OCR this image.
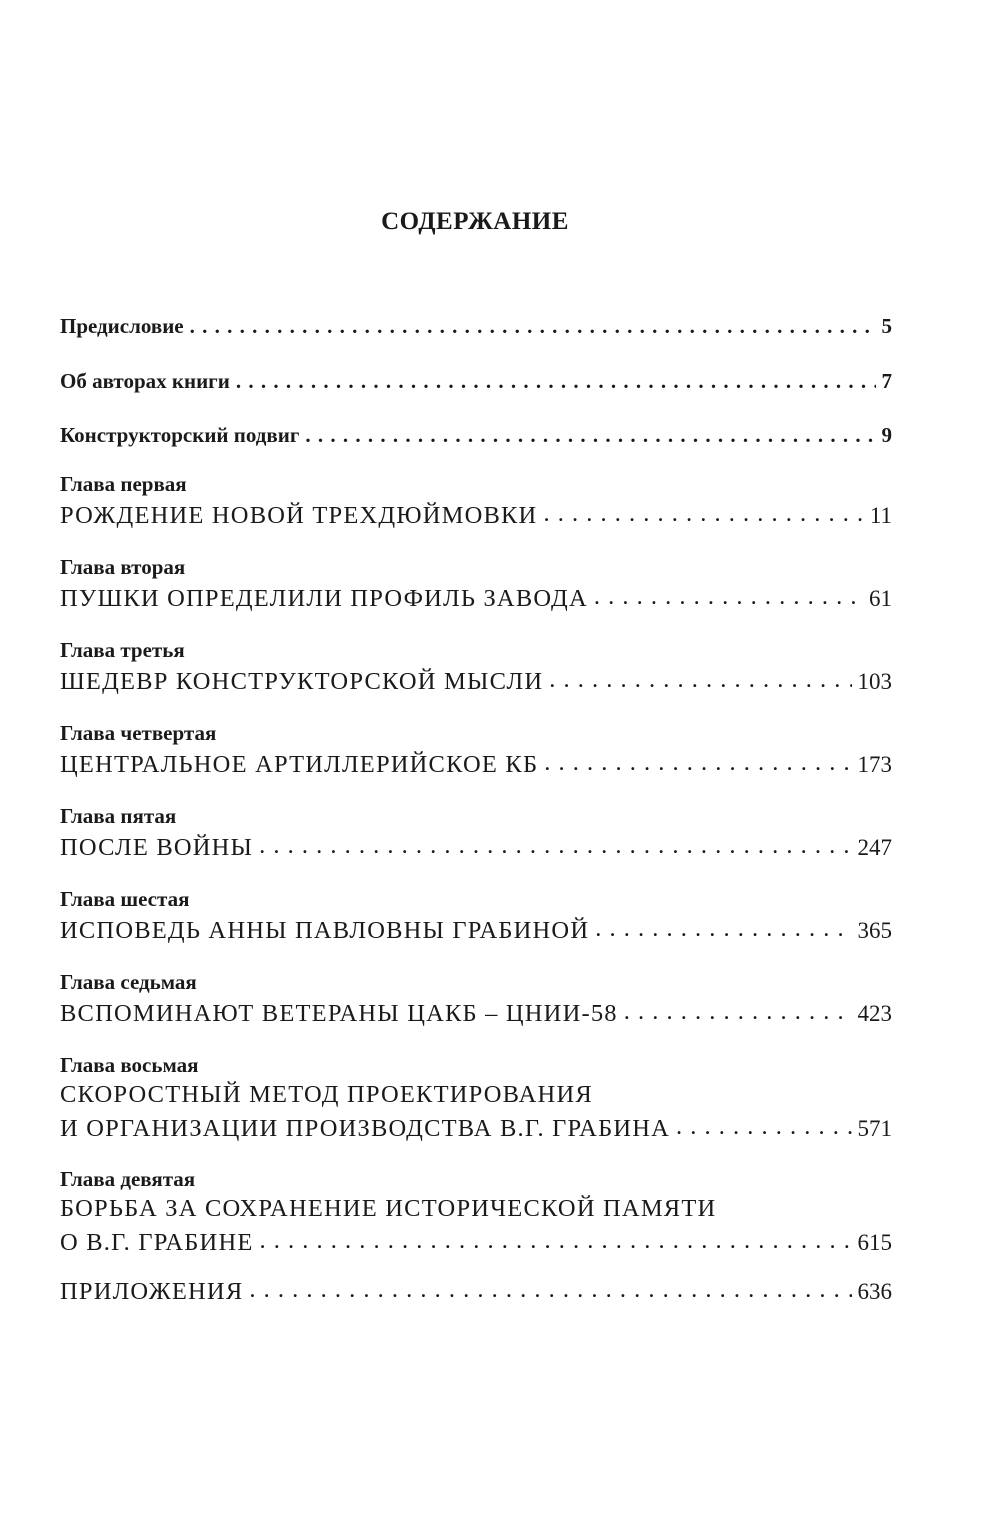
СОДЕРЖАНИЕ
Предисловие . . .	5
Об авторах книги . . .	7
Конструкторский подвиг . . .	9
Глава первая
РОЖДЕНИЕ НОВОЙ ТРЕХДЮЙМОВКИ . . .	11
Глава вторая
ПУШКИ ОПРЕДЕЛИЛИ ПРОФИЛЬ ЗАВОДА . . .	61
Глава третья
ШЕДЕВР КОНСТРУКТОРСКОЙ МЫСЛИ . . .	103
Глава четвертая
ЦЕНТРАЛЬНОЕ АРТИЛЛЕРИЙСКОЕ КБ . . .	173
Глава пятая
ПОСЛЕ ВОЙНЫ . . .	247
Глава шестая
ИСПОВЕДЬ АННЫ ПАВЛОВНЫ ГРАБИНОЙ . . .	365
Глава седьмая
ВСПОМИНАЮТ ВЕТЕРАНЫ ЦАКБ – ЦНИИ-58 . . .	423
Глава восьмая
СКОРОСТНЫЙ МЕТОД ПРОЕКТИРОВАНИЯ
И ОРГАНИЗАЦИИ ПРОИЗВОДСТВА В.Г. ГРАБИНА . . .	571
Глава девятая
БОРЬБА ЗА СОХРАНЕНИЕ ИСТОРИЧЕСКОЙ ПАМЯТИ
О В.Г. ГРАБИНЕ . . .	615
ПРИЛОЖЕНИЯ . . .	636
